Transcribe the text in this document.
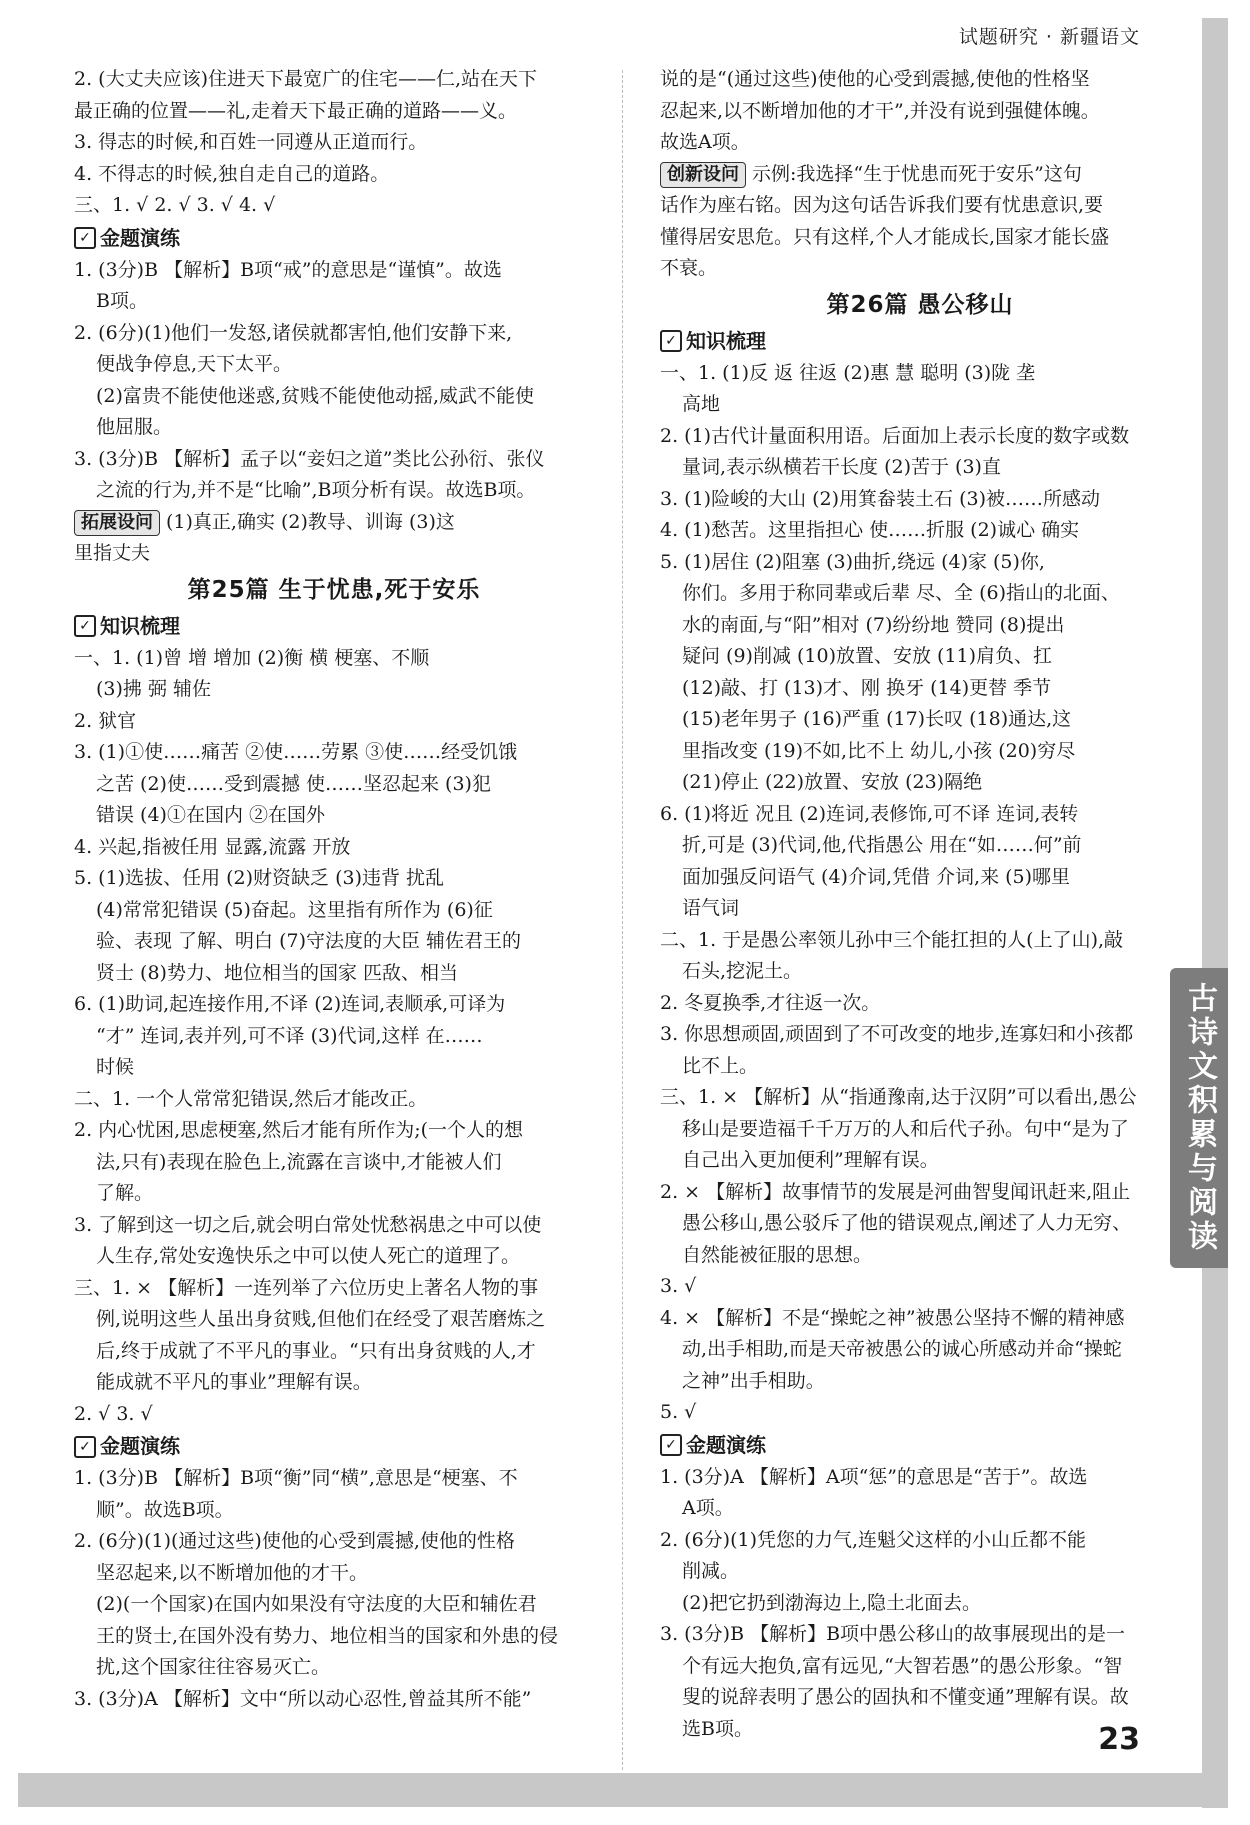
试题研究 · 新疆语文
古诗文积累与阅读
2. (大丈夫应该)住进天下最宽广的住宅——仁,站在天下
最正确的位置——礼,走着天下最正确的道路——义。
3. 得志的时候,和百姓一同遵从正道而行。
4. 不得志的时候,独自走自己的道路。
三、1. √ 2. √ 3. √ 4. √
✓ 金题演练
1. (3分)B 【解析】B项“戒”的意思是“谨慎”。故选
B项。
2. (6分)(1)他们一发怒,诸侯就都害怕,他们安静下来,
便战争停息,天下太平。
(2)富贵不能使他迷惑,贫贱不能使他动摇,威武不能使
他屈服。
3. (3分)B 【解析】孟子以“妾妇之道”类比公孙衍、张仪
之流的行为,并不是“比喻”,B项分析有误。故选B项。
拓展设问 (1)真正,确实 (2)教导、训诲 (3)这
里指丈夫
第25篇 生于忧患,死于安乐
✓ 知识梳理
一、1. (1)曾 增 增加 (2)衡 横 梗塞、不顺
(3)拂 弼 辅佐
2. 狱官
3. (1)①使……痛苦 ②使……劳累 ③使……经受饥饿
之苦 (2)使……受到震撼 使……坚忍起来 (3)犯
错误 (4)①在国内 ②在国外
4. 兴起,指被任用 显露,流露 开放
5. (1)选拔、任用 (2)财资缺乏 (3)违背 扰乱
(4)常常犯错误 (5)奋起。这里指有所作为 (6)征
验、表现 了解、明白 (7)守法度的大臣 辅佐君王的
贤士 (8)势力、地位相当的国家 匹敌、相当
6. (1)助词,起连接作用,不译 (2)连词,表顺承,可译为
“才” 连词,表并列,可不译 (3)代词,这样 在……
时候
二、1. 一个人常常犯错误,然后才能改正。
2. 内心忧困,思虑梗塞,然后才能有所作为;(一个人的想
法,只有)表现在脸色上,流露在言谈中,才能被人们
了解。
3. 了解到这一切之后,就会明白常处忧愁祸患之中可以使
人生存,常处安逸快乐之中可以使人死亡的道理了。
三、1. × 【解析】一连列举了六位历史上著名人物的事
例,说明这些人虽出身贫贱,但他们在经受了艰苦磨炼之
后,终于成就了不平凡的事业。“只有出身贫贱的人,才
能成就不平凡的事业”理解有误。
2. √ 3. √
✓ 金题演练
1. (3分)B 【解析】B项“衡”同“横”,意思是“梗塞、不
顺”。故选B项。
2. (6分)(1)(通过这些)使他的心受到震撼,使他的性格
坚忍起来,以不断增加他的才干。
(2)(一个国家)在国内如果没有守法度的大臣和辅佐君
王的贤士,在国外没有势力、地位相当的国家和外患的侵
扰,这个国家往往容易灭亡。
3. (3分)A 【解析】文中“所以动心忍性,曾益其所不能”
说的是“(通过这些)使他的心受到震撼,使他的性格坚
忍起来,以不断增加他的才干”,并没有说到强健体魄。
故选A项。
创新设问 示例:我选择“生于忧患而死于安乐”这句
话作为座右铭。因为这句话告诉我们要有忧患意识,要
懂得居安思危。只有这样,个人才能成长,国家才能长盛
不衰。
第26篇 愚公移山
✓ 知识梳理
一、1. (1)反 返 往返 (2)惠 慧 聪明 (3)陇 垄
高地
2. (1)古代计量面积用语。后面加上表示长度的数字或数
量词,表示纵横若干长度 (2)苦于 (3)直
3. (1)险峻的大山 (2)用箕畚装土石 (3)被……所感动
4. (1)愁苦。这里指担心 使……折服 (2)诚心 确实
5. (1)居住 (2)阻塞 (3)曲折,绕远 (4)家 (5)你,
你们。多用于称同辈或后辈 尽、全 (6)指山的北面、
水的南面,与“阳”相对 (7)纷纷地 赞同 (8)提出
疑问 (9)削减 (10)放置、安放 (11)肩负、扛
(12)敲、打 (13)才、刚 换牙 (14)更替 季节
(15)老年男子 (16)严重 (17)长叹 (18)通达,这
里指改变 (19)不如,比不上 幼儿,小孩 (20)穷尽
(21)停止 (22)放置、安放 (23)隔绝
6. (1)将近 况且 (2)连词,表修饰,可不译 连词,表转
折,可是 (3)代词,他,代指愚公 用在“如……何”前
面加强反问语气 (4)介词,凭借 介词,来 (5)哪里
语气词
二、1. 于是愚公率领儿孙中三个能扛担的人(上了山),敲
石头,挖泥土。
2. 冬夏换季,才往返一次。
3. 你思想顽固,顽固到了不可改变的地步,连寡妇和小孩都
比不上。
三、1. × 【解析】从“指通豫南,达于汉阴”可以看出,愚公
移山是要造福千千万万的人和后代子孙。句中“是为了
自己出入更加便利”理解有误。
2. × 【解析】故事情节的发展是河曲智叟闻讯赶来,阻止
愚公移山,愚公驳斥了他的错误观点,阐述了人力无穷、
自然能被征服的思想。
3. √
4. × 【解析】不是“操蛇之神”被愚公坚持不懈的精神感
动,出手相助,而是天帝被愚公的诚心所感动并命“操蛇
之神”出手相助。
5. √
✓ 金题演练
1. (3分)A 【解析】A项“惩”的意思是“苦于”。故选
A项。
2. (6分)(1)凭您的力气,连魁父这样的小山丘都不能
削减。
(2)把它扔到渤海边上,隐土北面去。
3. (3分)B 【解析】B项中愚公移山的故事展现出的是一
个有远大抱负,富有远见,“大智若愚”的愚公形象。“智
叟的说辞表明了愚公的固执和不懂变通”理解有误。故
选B项。	23
